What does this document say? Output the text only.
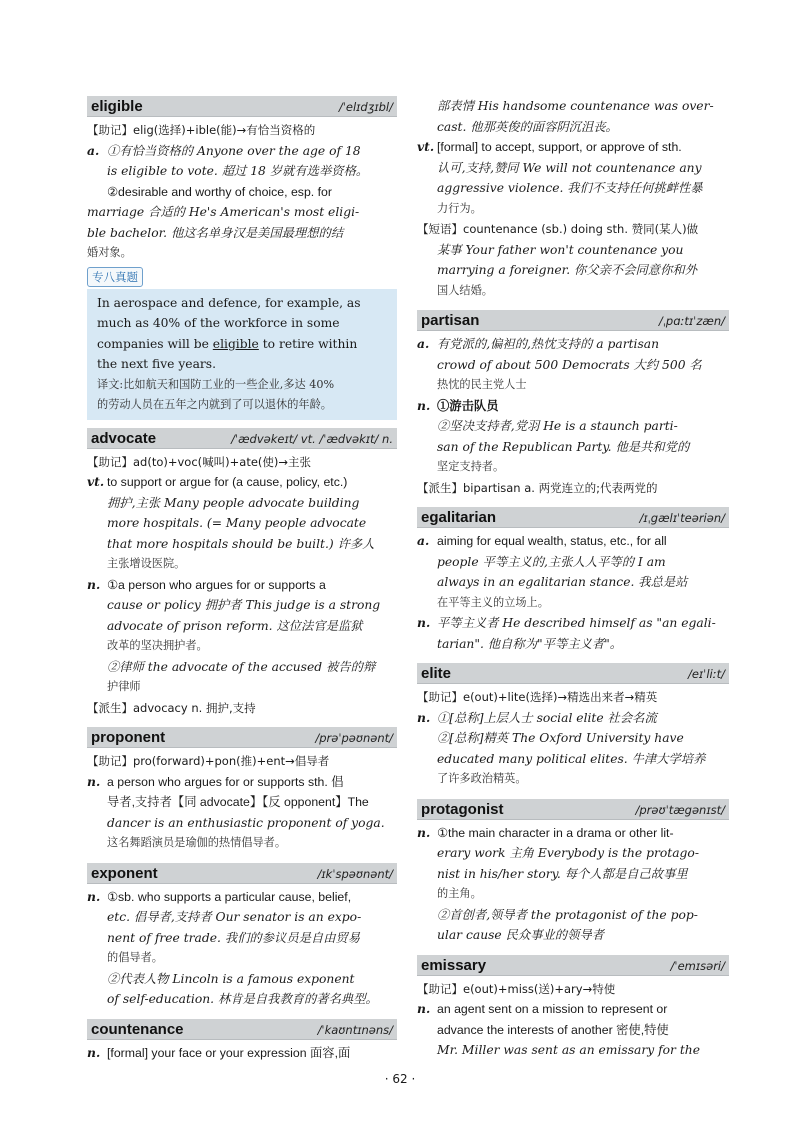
eligible	/ˈelɪdʒɪbl/
【助记】elig(选择)+ible(能)→有恰当资格的
a. ①有恰当资格的 Anyone over the age of 18
is eligible to vote. 超过 18 岁就有选举资格。
②desirable and worthy of choice, esp. for
marriage 合适的 He's American's most eligi-
ble bachelor. 他这名单身汉是美国最理想的结
婚对象。
专八真题
In aerospace and defence, for example, as
much as 40% of the workforce in some
companies will be eligible to retire within
the next five years.
译文:比如航天和国防工业的一些企业,多达 40%
的劳动人员在五年之内就到了可以退休的年龄。
advocate	/ˈædvəkeɪt/ vt. /ˈædvəkɪt/ n.
【助记】ad(to)+voc(喊叫)+ate(使)→主张
vt. to support or argue for (a cause, policy, etc.)
拥护,主张 Many people advocate building
more hospitals. (= Many people advocate
that more hospitals should be built.) 许多人
主张增设医院。
n. ①a person who argues for or supports a
cause or policy 拥护者 This judge is a strong
advocate of prison reform. 这位法官是监狱
改革的坚决拥护者。
②律师 the advocate of the accused 被告的辩
护律师
【派生】advocacy n. 拥护,支持
proponent	/prəˈpəʊnənt/
【助记】pro(forward)+pon(推)+ent→倡导者
n. a person who argues for or supports sth. 倡
导者,支持者【同 advocate】【反 opponent】The
dancer is an enthusiastic proponent of yoga.
这名舞蹈演员是瑜伽的热情倡导者。
exponent	/ɪkˈspəʊnənt/
n. ①sb. who supports a particular cause, belief,
etc. 倡导者,支持者 Our senator is an expo-
nent of free trade. 我们的参议员是自由贸易
的倡导者。
②代表人物 Lincoln is a famous exponent
of self-education. 林肯是自我教育的著名典型。
countenance	/ˈkaʊntɪnəns/
n. [formal] your face or your expression 面容,面
部表情 His handsome countenance was over-
cast. 他那英俊的面容阴沉沮丧。
vt. [formal] to accept, support, or approve of sth.
认可,支持,赞同 We will not countenance any
aggressive violence. 我们不支持任何挑衅性暴
力行为。
【短语】countenance (sb.) doing sth. 赞同(某人)做
某事 Your father won't countenance you
marrying a foreigner. 你父亲不会同意你和外
国人结婚。
partisan	/ˌpɑːtɪˈzæn/
a. 有党派的,偏袒的,热忱支持的 a partisan
crowd of about 500 Democrats 大约 500 名
热忱的民主党人士
n. ①游击队员
②坚决支持者,党羽 He is a staunch parti-
san of the Republican Party. 他是共和党的
坚定支持者。
【派生】bipartisan a. 两党连立的;代表两党的
egalitarian	/ɪˌgælɪˈteəriən/
a. aiming for equal wealth, status, etc., for all
people 平等主义的,主张人人平等的 I am
always in an egalitarian stance. 我总是站
在平等主义的立场上。
n. 平等主义者 He described himself as "an egali-
tarian". 他自称为"平等主义者"。
elite	/eɪˈliːt/
【助记】e(out)+lite(选择)→精选出来者→精英
n. ①[总称]上层人士 social elite 社会名流
②[总称]精英 The Oxford University have
educated many political elites. 牛津大学培养
了许多政治精英。
protagonist	/prəʊˈtægənɪst/
n. ①the main character in a drama or other lit-
erary work 主角 Everybody is the protago-
nist in his/her story. 每个人都是自己故事里
的主角。
②首创者,领导者 the protagonist of the pop-
ular cause 民众事业的领导者
emissary	/ˈemɪsəri/
【助记】e(out)+miss(送)+ary→特使
n. an agent sent on a mission to represent or
advance the interests of another 密使,特使
Mr. Miller was sent as an emissary for the
· 62 ·
